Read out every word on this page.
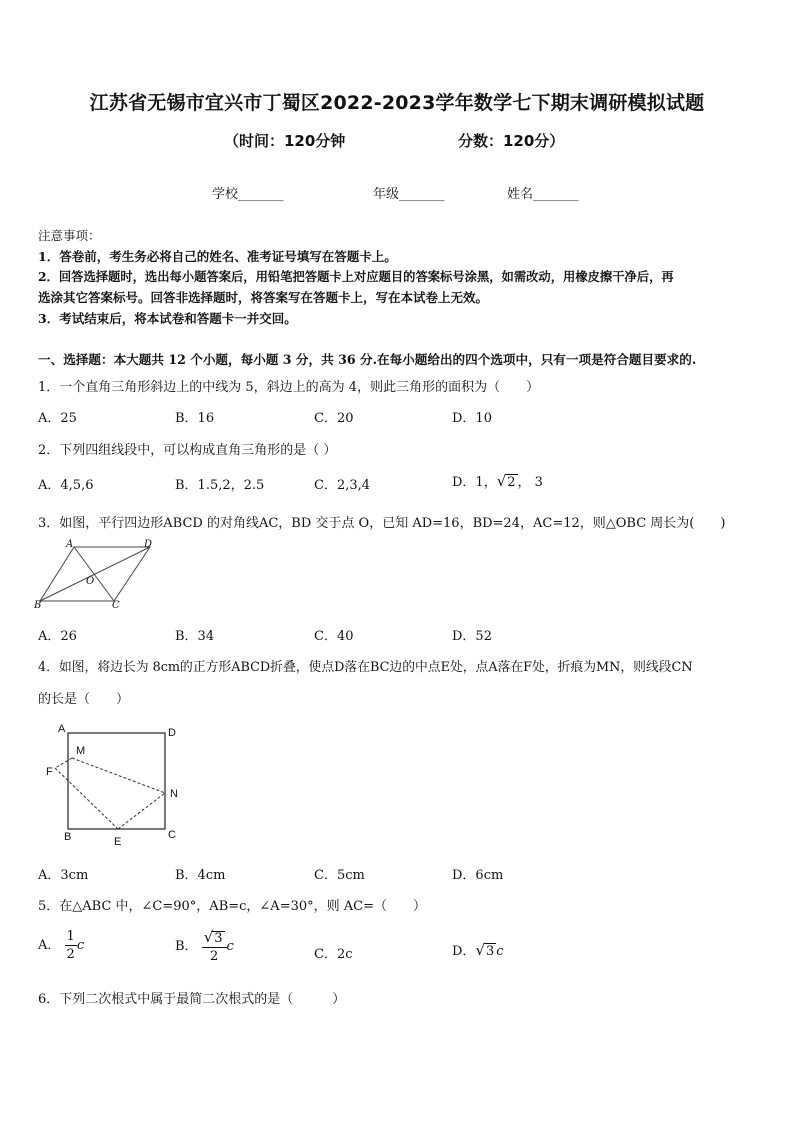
江苏省无锡市宜兴市丁蜀区2022-2023学年数学七下期末调研模拟试题
（时间：120分钟	分数：120分）
学校_______	年级_______	姓名_______
注意事项：
1．答卷前，考生务必将自己的姓名、准考证号填写在答题卡上。
2．回答选择题时，选出每小题答案后，用铅笔把答题卡上对应题目的答案标号涂黑，如需改动，用橡皮擦干净后，再
选涂其它答案标号。回答非选择题时，将答案写在答题卡上，写在本试卷上无效。
3．考试结束后，将本试卷和答题卡一并交回。
一、选择题：本大题共 12 个小题，每小题 3 分，共 36 分.在每小题给出的四个选项中，只有一项是符合题目要求的.
1．一个直角三角形斜边上的中线为 5，斜边上的高为 4，则此三角形的面积为（　　）
A．25	B．16	C．20	D．10
2．下列四组线段中，可以构成直角三角形的是（ ）
A．4,5,6	B．1.5,2，2.5	C．2,3,4	D．1，√2 ， 3
3．如图，平行四边形ABCD 的对角线AC，BD 交于点 O，已知 AD=16，BD=24，AC=12，则△OBC 周长为(　　)
A	D
B	C
O
A．26	B．34	C．40	D．52
4．如图，将边长为 8cm的正方形ABCD折叠，使点D落在BC边的中点E处，点A落在F处，折痕为MN，则线段CN
的长是（　　）
A	D
M
F
N
B	C
E
A．3cm	B．4cm	C．5cm	D．6cm
5．在△ABC 中，∠C=90°，AB=c，∠A=30°，则 AC=（　　）
A． $\frac{1}{2}$ c	B． $\frac{√3}{2}$ c
C．2c	D．√3 c
6．下列二次根式中属于最简二次根式的是（　　　）
